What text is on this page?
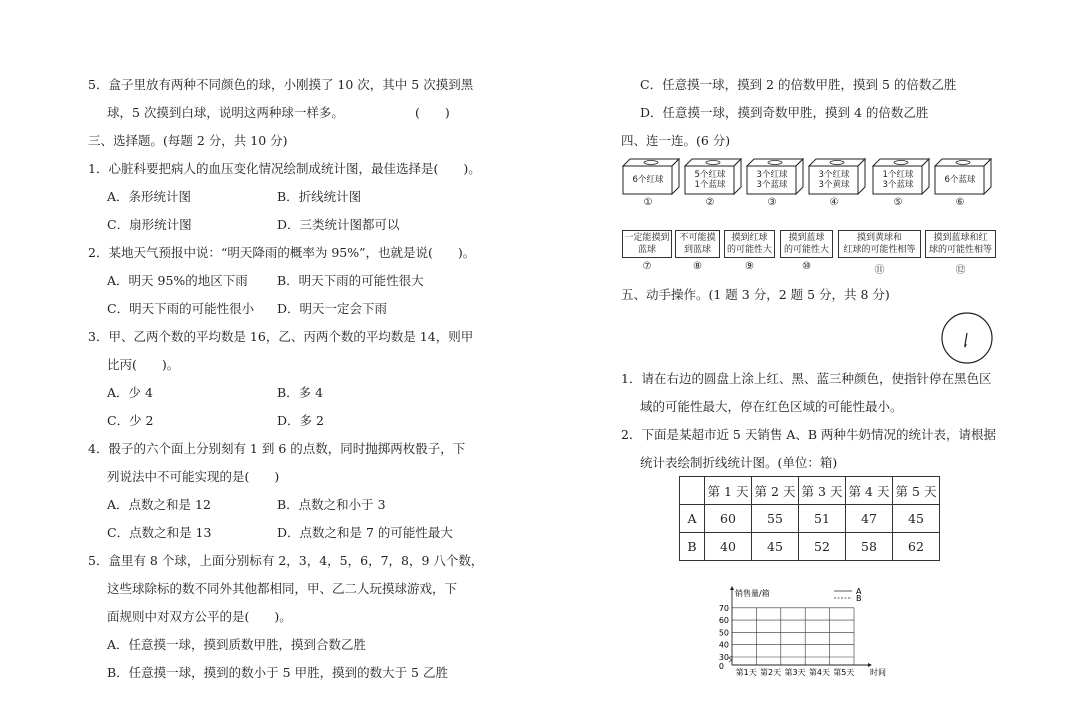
5．盒子里放有两种不同颜色的球，小刚摸了 10 次，其中 5 次摸到黑
球，5 次摸到白球，说明这两种球一样多。	(　　)
三、选择题。(每题 2 分，共 10 分)
1．心脏科要把病人的血压变化情况绘制成统计图，最佳选择是(　　)。
A．条形统计图	B．折线统计图
C．扇形统计图	D．三类统计图都可以
2．某地天气预报中说：“明天降雨的概率为 95%”，也就是说(　　)。
A．明天 95%的地区下雨 B．明天下雨的可能性很大
C．明天下雨的可能性很小 D．明天一定会下雨
3．甲、乙两个数的平均数是 16，乙、丙两个数的平均数是 14，则甲
比丙(　　)。
A．少 4	B．多 4
C．少 2	D．多 2
4．骰子的六个面上分别刻有 1 到 6 的点数，同时抛掷两枚骰子，下
列说法中不可能实现的是(　　)
A．点数之和是 12	B．点数之和小于 3
C．点数之和是 13	D．点数之和是 7 的可能性最大
5．盒里有 8 个球，上面分别标有 2，3，4，5，6，7，8，9 八个数，
这些球除标的数不同外其他都相同，甲、乙二人玩摸球游戏，下
面规则中对双方公平的是(　　)。
A．任意摸一球，摸到质数甲胜，摸到合数乙胜
B．任意摸一球，摸到的数小于 5 甲胜，摸到的数大于 5 乙胜
C．任意摸一球，摸到 2 的倍数甲胜，摸到 5 的倍数乙胜
D．任意摸一球，摸到奇数甲胜，摸到 4 的倍数乙胜
四、连一连。(6 分)
6个红球
①
5个红球
1个蓝球
②
3个红球
3个蓝球
③
3个红球
3个黄球
④
1个红球
3个蓝球
⑤
6个蓝球
⑥
一定能摸到
蓝球
⑦
不可能摸
到蓝球
⑧
摸到红球
的可能性大
⑨
摸到蓝球
的可能性大
⑩
摸到黄球和
红球的可能性相等
⑪
摸到蓝球和红
球的可能性相等
⑫
五、动手操作。(1 题 3 分，2 题 5 分，共 8 分)
1．请在右边的圆盘上涂上红、黑、蓝三种颜色，使指针停在黑色区
域的可能性最大，停在红色区域的可能性最小。
2．下面是某超市近 5 天销售 A、B 两种牛奶情况的统计表，请根据
统计表绘制折线统计图。(单位：箱)
	第 1 天	第 2 天	第 3 天	第 4 天	第 5 天
A	60	55	51	47	45
B	40	45	52	58	62
70
60
50
40
30
0
销售量/箱
第1天 第2天 第3天 第4天 第5天 时间
A
B
